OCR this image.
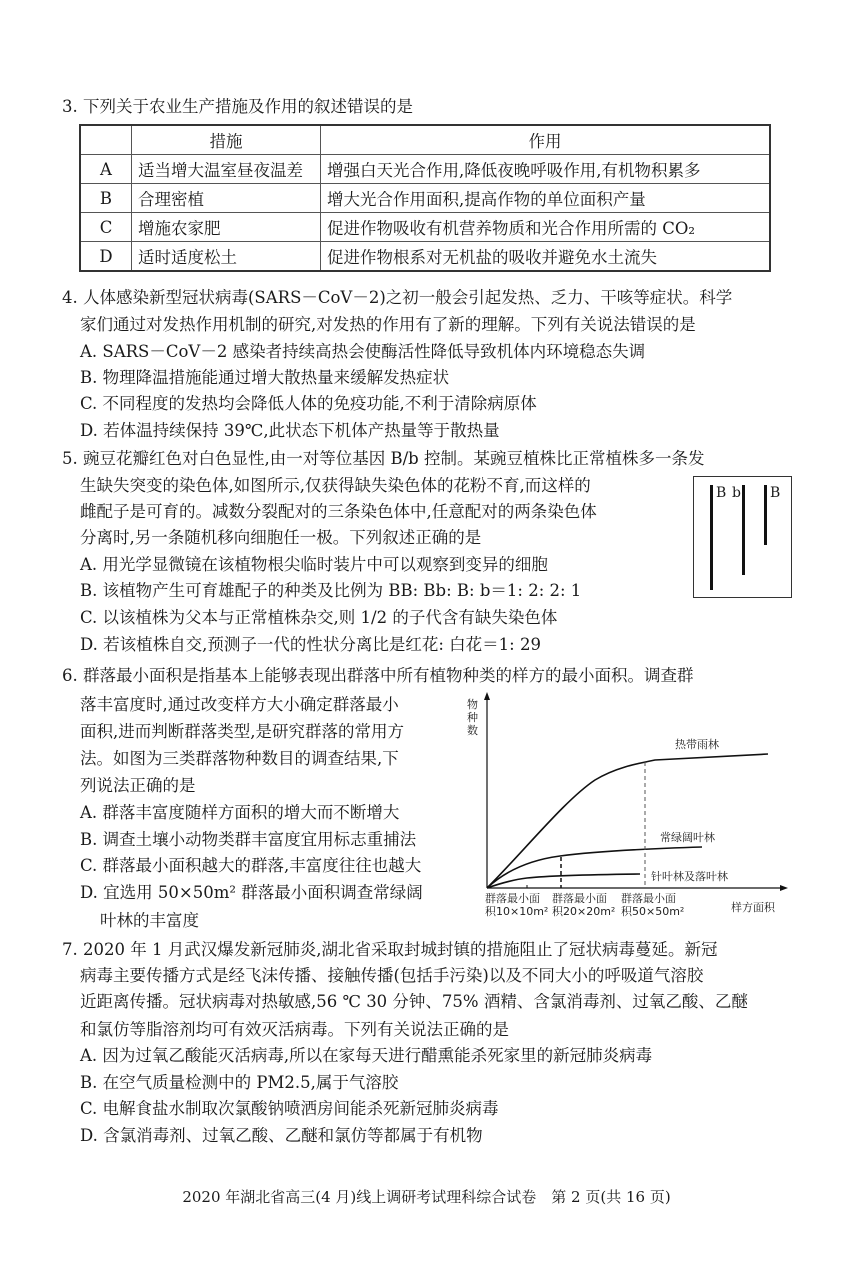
3. 下列关于农业生产措施及作用的叙述错误的是
	措施	作用
A	适当增大温室昼夜温差	增强白天光合作用,降低夜晚呼吸作用,有机物积累多
B	合理密植	增大光合作用面积,提高作物的单位面积产量
C	增施农家肥	促进作物吸收有机营养物质和光合作用所需的 CO₂
D	适时适度松土	促进作物根系对无机盐的吸收并避免水土流失
4. 人体感染新型冠状病毒(SARS－CoV－2)之初一般会引起发热、乏力、干咳等症状。科学
家们通过对发热作用机制的研究,对发热的作用有了新的理解。下列有关说法错误的是
A. SARS－CoV－2 感染者持续高热会使酶活性降低导致机体内环境稳态失调
B. 物理降温措施能通过增大散热量来缓解发热症状
C. 不同程度的发热均会降低人体的免疫功能,不利于清除病原体
D. 若体温持续保持 39℃,此状态下机体产热量等于散热量
5. 豌豆花瓣红色对白色显性,由一对等位基因 B/b 控制。某豌豆植株比正常植株多一条发
生缺失突变的染色体,如图所示,仅获得缺失染色体的花粉不育,而这样的
雌配子是可育的。减数分裂配对的三条染色体中,任意配对的两条染色体
分离时,另一条随机移向细胞任一极。下列叙述正确的是
A. 用光学显微镜在该植物根尖临时装片中可以观察到变异的细胞
B. 该植物产生可育雄配子的种类及比例为 BB: Bb: B: b＝1: 2: 2: 1
C. 以该植株为父本与正常植株杂交,则 1/2 的子代含有缺失染色体
D. 若该植株自交,预测子一代的性状分离比是红花: 白花＝1: 29
B b B
6. 群落最小面积是指基本上能够表现出群落中所有植物种类的样方的最小面积。调查群
落丰富度时,通过改变样方大小确定群落最小
面积,进而判断群落类型,是研究群落的常用方
法。如图为三类群落物种数目的调查结果,下
列说法正确的是
A. 群落丰富度随样方面积的增大而不断增大
B. 调查土壤小动物类群丰富度宜用标志重捕法
C. 群落最小面积越大的群落,丰富度往往也越大
D. 宜选用 50×50m² 群落最小面积调查常绿阔
叶林的丰富度
物
种
数
样方面积
热带雨林
常绿阔叶林
针叶林及落叶林
群落最小面
积10×10m²
群落最小面
积20×20m²
群落最小面
积50×50m²
7. 2020 年 1 月武汉爆发新冠肺炎,湖北省采取封城封镇的措施阻止了冠状病毒蔓延。新冠
病毒主要传播方式是经飞沫传播、接触传播(包括手污染)以及不同大小的呼吸道气溶胶
近距离传播。冠状病毒对热敏感,56 ℃ 30 分钟、75% 酒精、含氯消毒剂、过氧乙酸、乙醚
和氯仿等脂溶剂均可有效灭活病毒。下列有关说法正确的是
A. 因为过氧乙酸能灭活病毒,所以在家每天进行醋熏能杀死家里的新冠肺炎病毒
B. 在空气质量检测中的 PM2.5,属于气溶胶
C. 电解食盐水制取次氯酸钠喷洒房间能杀死新冠肺炎病毒
D. 含氯消毒剂、过氧乙酸、乙醚和氯仿等都属于有机物
2020 年湖北省高三(4 月)线上调研考试理科综合试卷　第 2 页(共 16 页)
